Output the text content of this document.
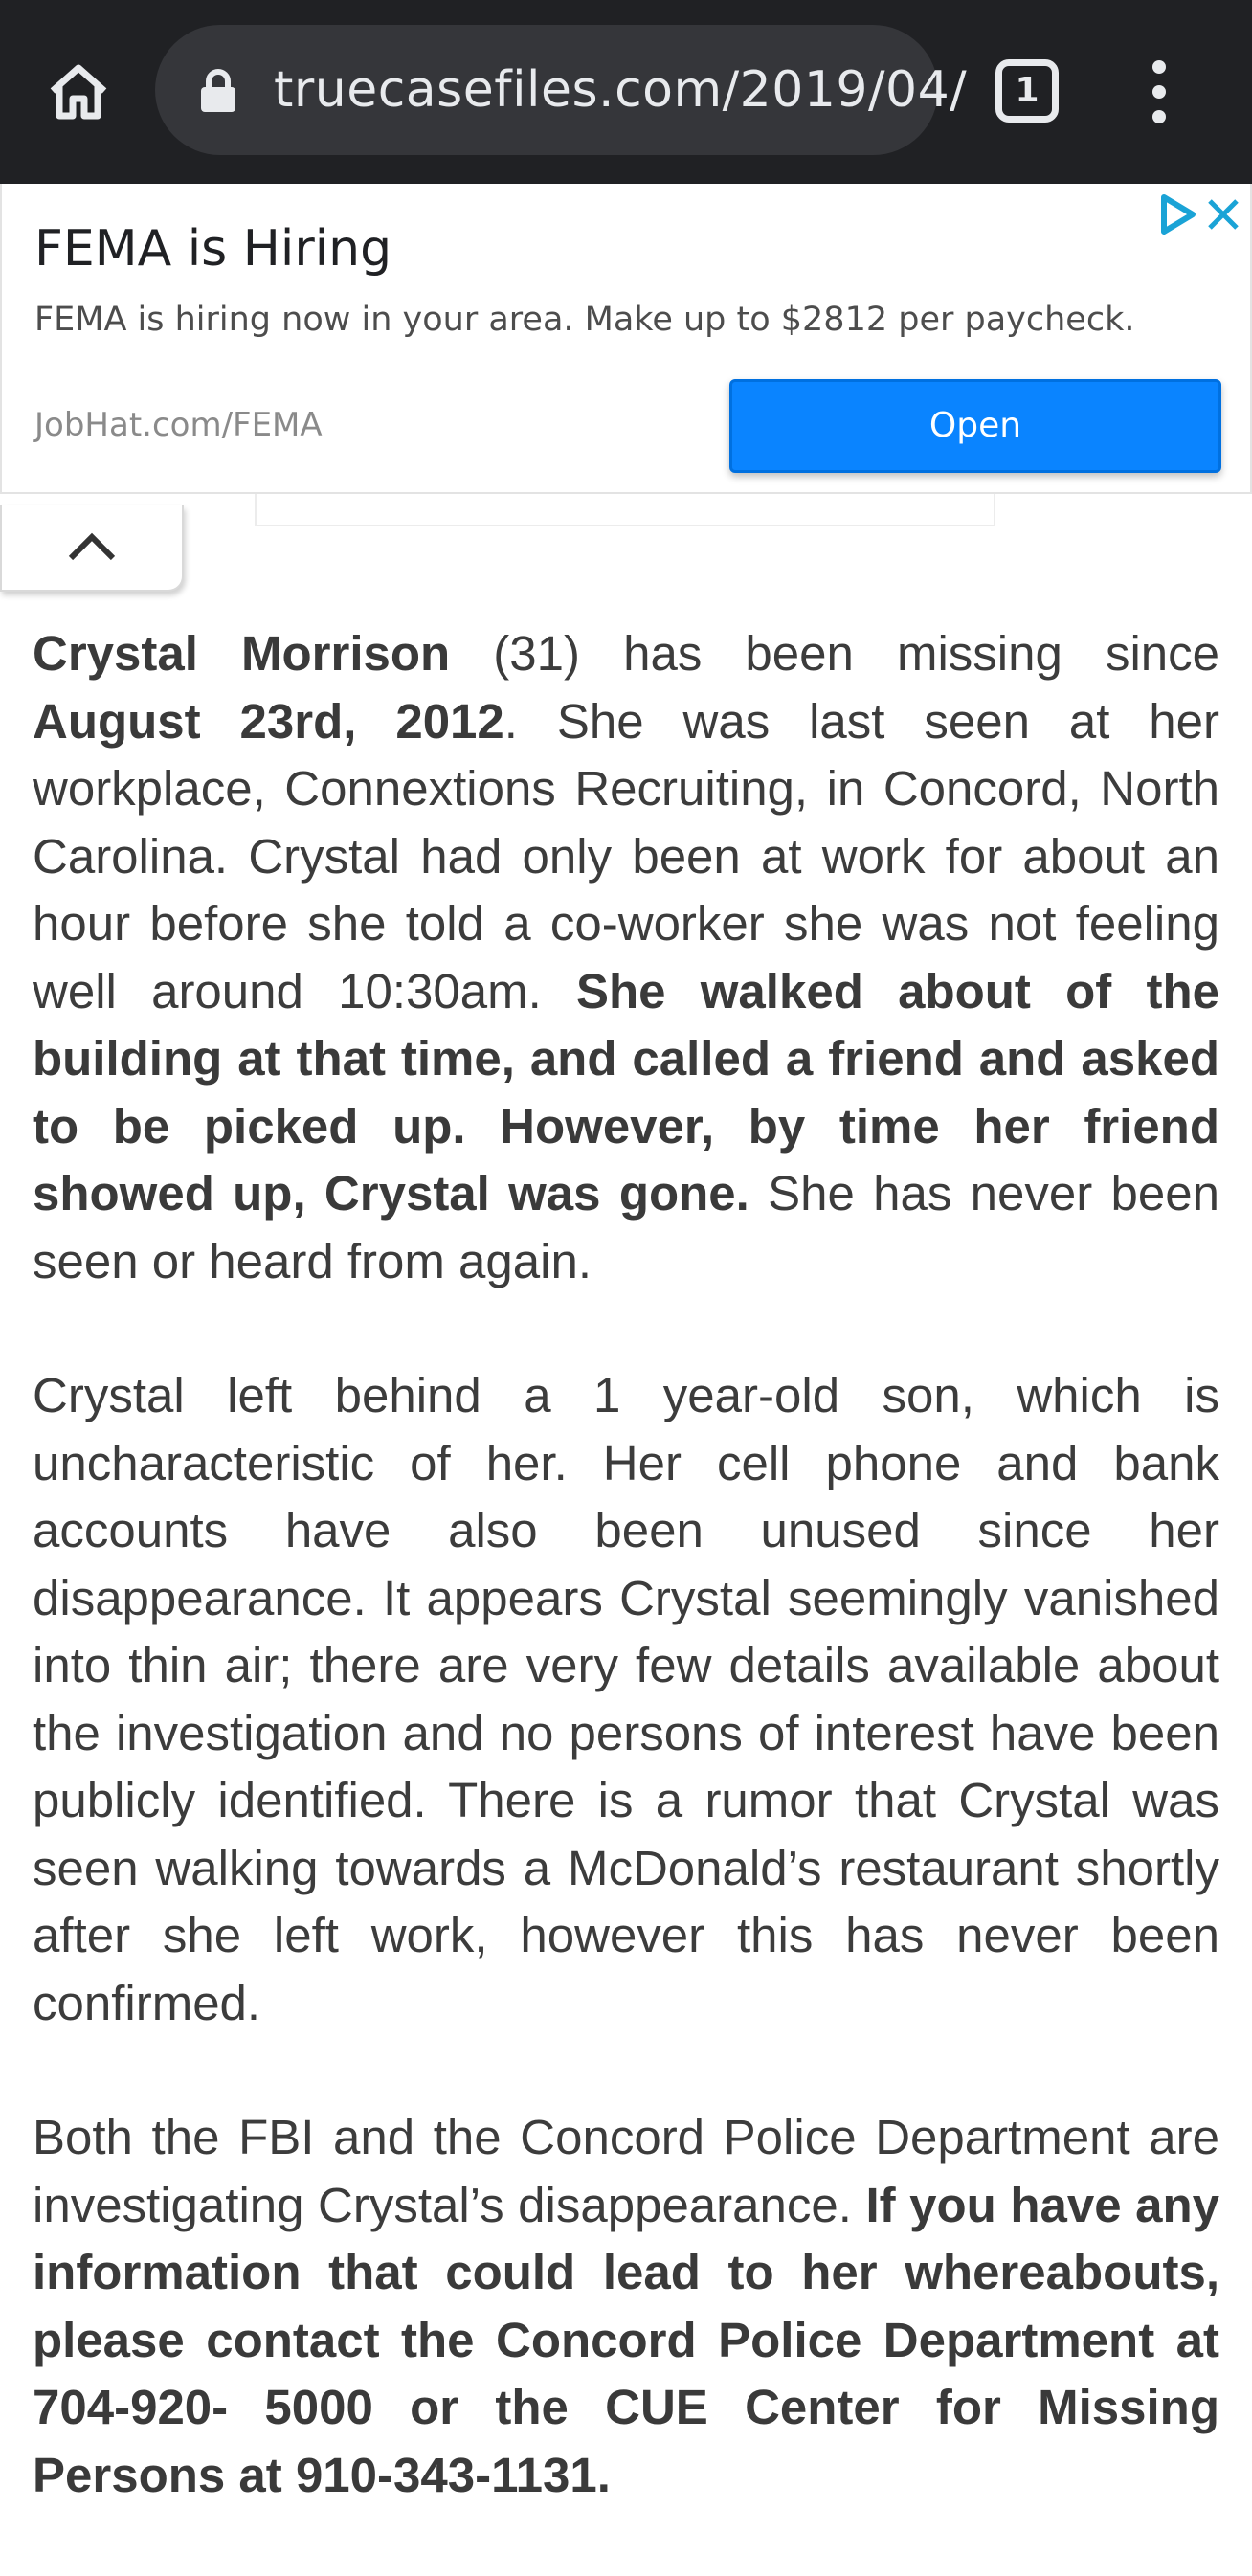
truecasefiles.com/2019/04/	1
FEMA is Hiring
FEMA is hiring now in your area. Make up to $2812 per paycheck.
JobHat.com/FEMA	Open

Crystal Morrison (31) has been missing since August 23rd, 2012. She was last seen at her workplace, Connextions Recruiting, in Concord, North Carolina. Crystal had only been at work for about an hour before she told a co-worker she was not feeling well around 10:30am. She walked about of the building at that time, and called a friend and asked to be picked up. However, by time her friend showed up, Crystal was gone. She has never been seen or heard from again.

Crystal left behind a 1 year-old son, which is uncharacteristic of her. Her cell phone and bank accounts have also been unused since her disappearance. It appears Crystal seemingly vanished into thin air; there are very few details available about the investigation and no persons of interest have been publicly identified. There is a rumor that Crystal was seen walking towards a McDonald’s restaurant shortly after she left work, however this has never been confirmed.

Both the FBI and the Concord Police Department are investigating Crystal’s disappearance. If you have any information that could lead to her whereabouts, please contact the Concord Police Department at 704-920- 5000 or the CUE Center for Missing Persons at 910-343-1131.
